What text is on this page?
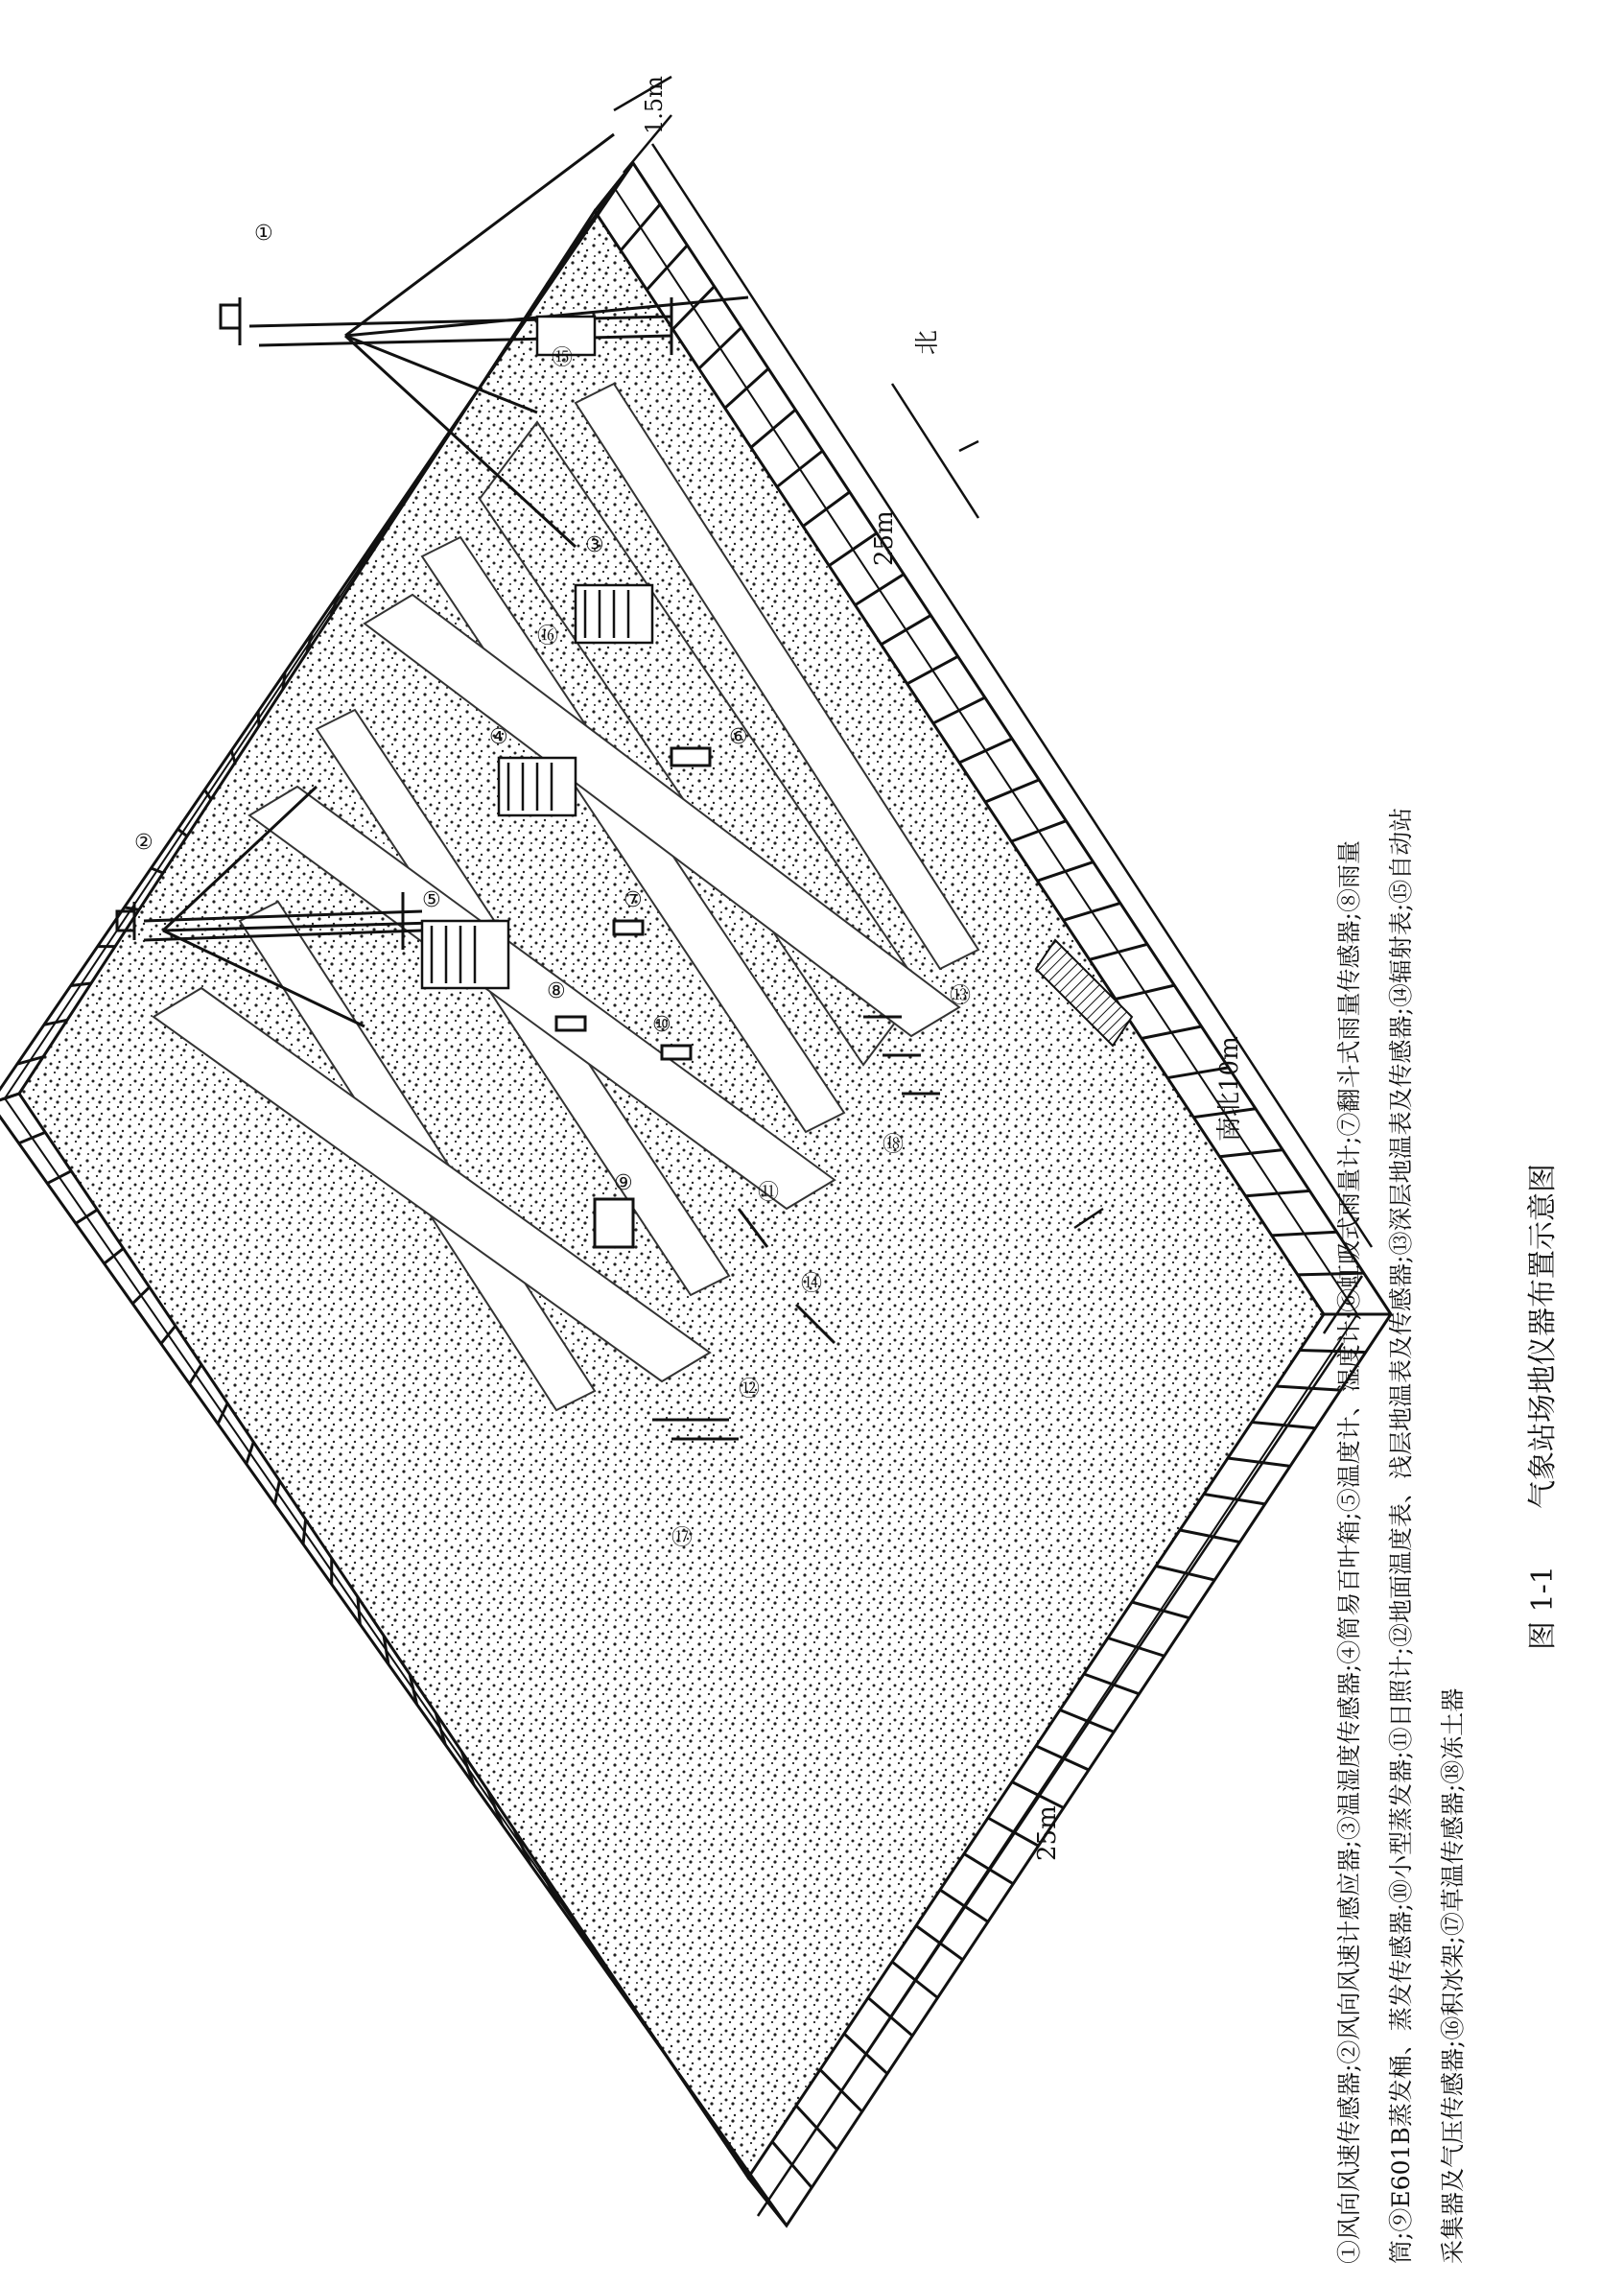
①
②
③
④
⑤
⑥
⑦
⑧
⑨
⑩
⑪
⑫
⑬
⑭
⑮
⑯
⑰
⑱
25m
25m
南北10m
1.5m
北
①风向风速传感器;②风向风速计感应器;③温湿度传感器;④简易百叶箱;⑤温度计、湿度计;⑥虹吸式雨量计;⑦翻斗式雨量传感器;⑧雨量	筒;⑨E601B蒸发桶、蒸发传感器;⑩小型蒸发器;⑪日照计;⑫地面温度表、浅层地温表及传感器;⑬深层地温表及传感器;⑭辐射表;⑮自动站	采集器及气压传感器;⑯积冰架;⑰草温传感器;⑱冻土器
图 1-1  气象站场地仪器布置示意图
